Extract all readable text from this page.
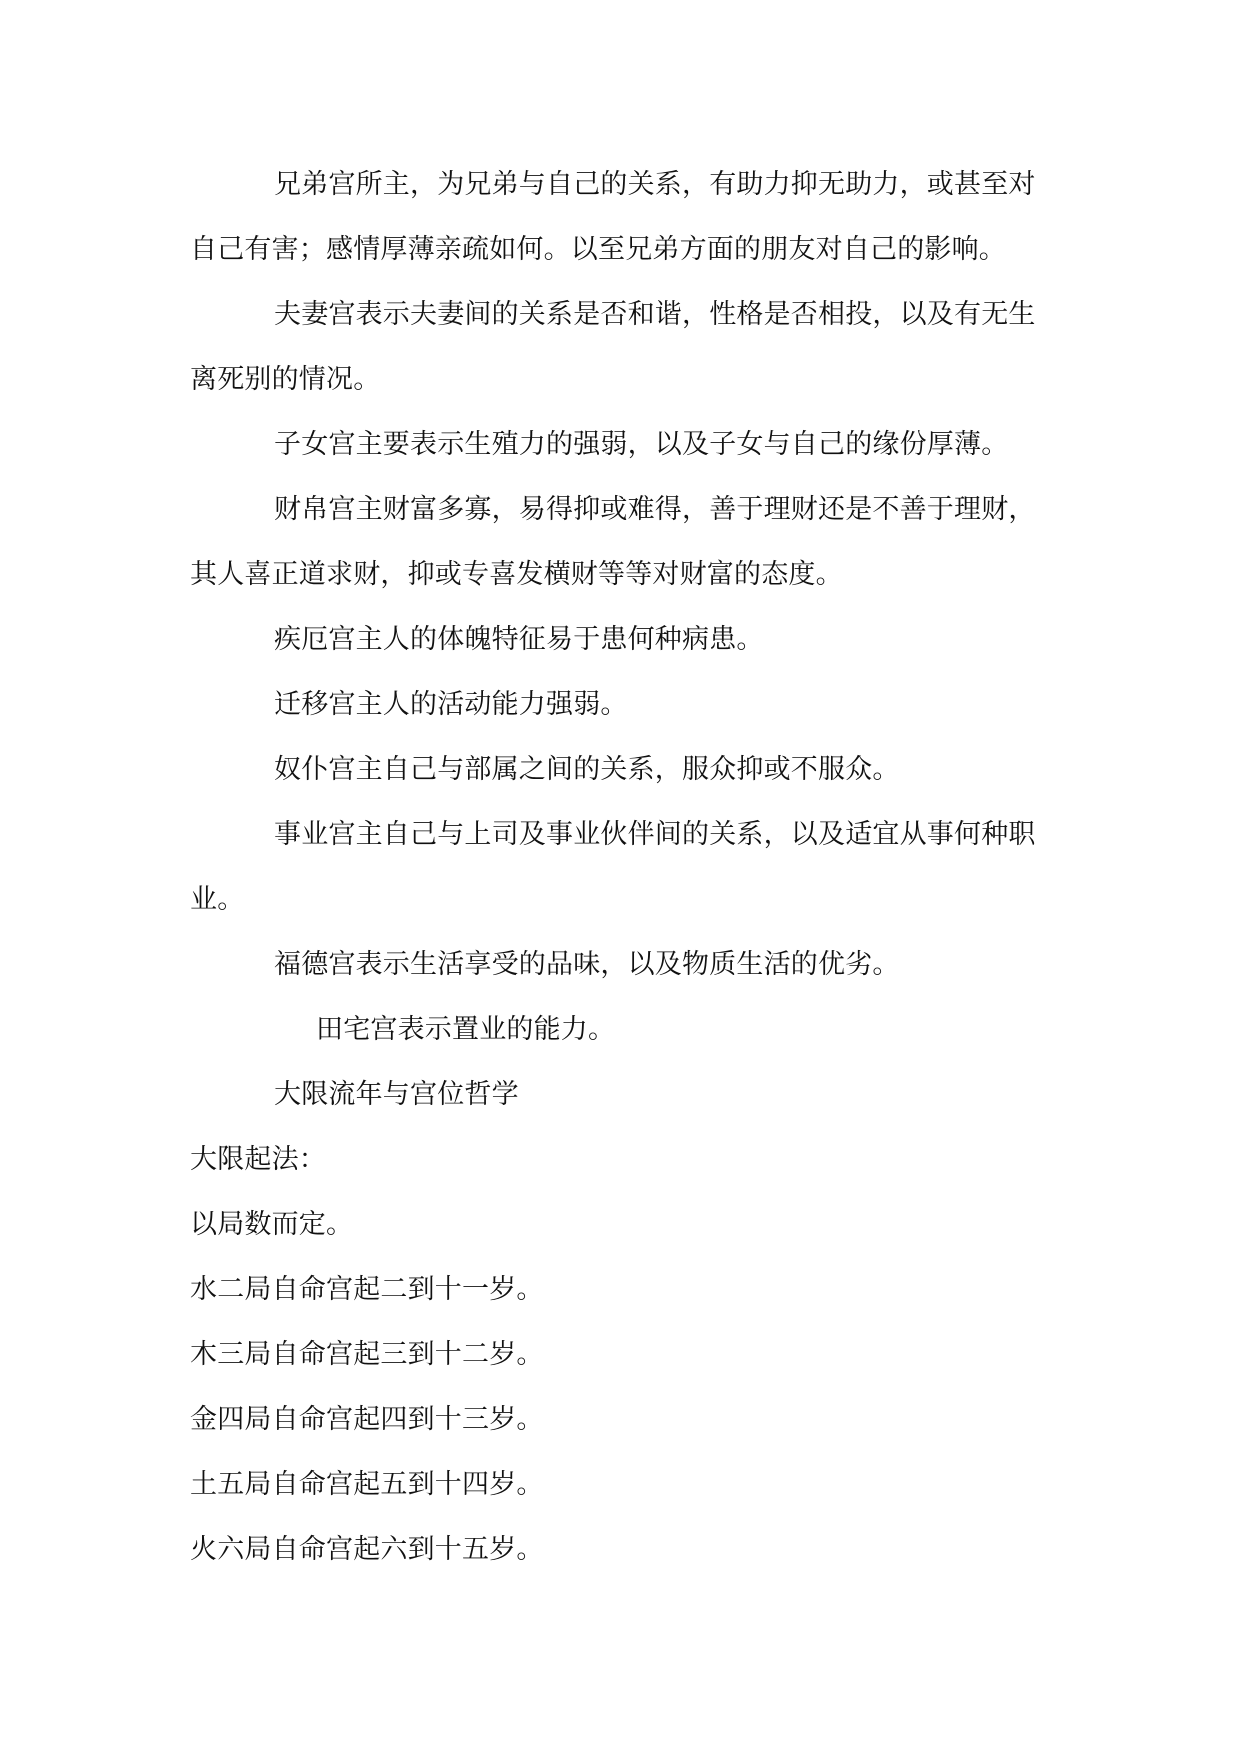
兄弟宫所主，为兄弟与自己的关系，有助力抑无助力，或甚至对
自己有害；感情厚薄亲疏如何。以至兄弟方面的朋友对自己的影响。
夫妻宫表示夫妻间的关系是否和谐，性格是否相投，以及有无生
离死别的情况。
子女宫主要表示生殖力的强弱，以及子女与自己的缘份厚薄。
财帛宫主财富多寡，易得抑或难得，善于理财还是不善于理财，
其人喜正道求财，抑或专喜发横财等等对财富的态度。
疾厄宫主人的体魄特征易于患何种病患。
迁移宫主人的活动能力强弱。
奴仆宫主自己与部属之间的关系，服众抑或不服众。
事业宫主自己与上司及事业伙伴间的关系，以及适宜从事何种职
业。
福德宫表示生活享受的品味，以及物质生活的优劣。
田宅宫表示置业的能力。
大限流年与宫位哲学
大限起法：
以局数而定。
水二局自命宫起二到十一岁。
木三局自命宫起三到十二岁。
金四局自命宫起四到十三岁。
土五局自命宫起五到十四岁。
火六局自命宫起六到十五岁。
